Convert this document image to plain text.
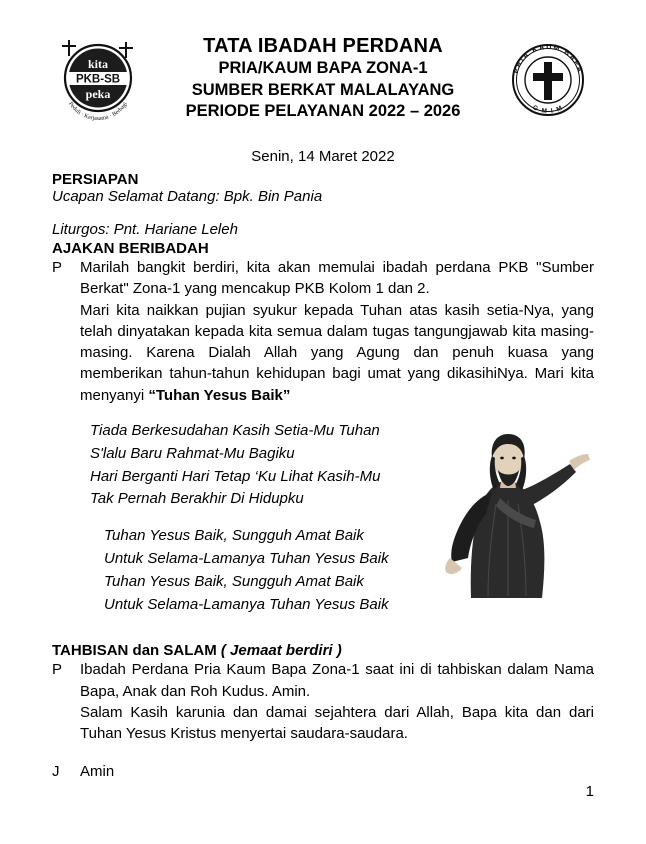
kita
PKB-SB
peka
Peduli · Kerjasama · Berbagi
TATA IBADAH PERDANA
PRIA/KAUM BAPA ZONA-1
SUMBER BERKAT MALALAYANG
PERIODE PELAYANAN 2022 – 2026
PRIA KAUM BAPA
G M I M
Senin, 14 Maret 2022
PERSIAPAN
Ucapan Selamat Datang: Bpk. Bin Pania
Liturgos: Pnt. Hariane Leleh
AJAKAN BERIBADAH
P	Marilah bangkit berdiri, kita akan memulai ibadah perdana PKB "Sumber Berkat" Zona-1 yang mencakup PKB Kolom 1 dan 2.

Mari kita naikkan pujian syukur kepada Tuhan atas kasih setia-Nya, yang telah dinyatakan kepada kita semua dalam tugas tangungjawab kita masing-masing. Karena Dialah Allah yang Agung dan penuh kuasa yang memberikan tahun-tahun kehidupan bagi umat yang dikasihiNya. Mari kita menyanyi “Tuhan Yesus Baik”

Tiada Berkesudahan Kasih Setia-Mu Tuhan
S'lalu Baru Rahmat-Mu Bagiku
Hari Berganti Hari Tetap ‘Ku Lihat Kasih-Mu
Tak Pernah Berakhir Di Hidupku
Tuhan Yesus Baik, Sungguh Amat Baik
Untuk Selama-Lamanya Tuhan Yesus Baik
Tuhan Yesus Baik, Sungguh Amat Baik
Untuk Selama-Lamanya Tuhan Yesus Baik
TAHBISAN dan SALAM ( Jemaat berdiri )
P	Ibadah Perdana Pria Kaum Bapa Zona-1 saat ini di tahbiskan dalam Nama Bapa, Anak dan Roh Kudus. Amin.

Salam Kasih karunia dan damai sejahtera dari Allah, Bapa kita dan dari Tuhan Yesus Kristus menyertai saudara-saudara.

J	Amin
1
